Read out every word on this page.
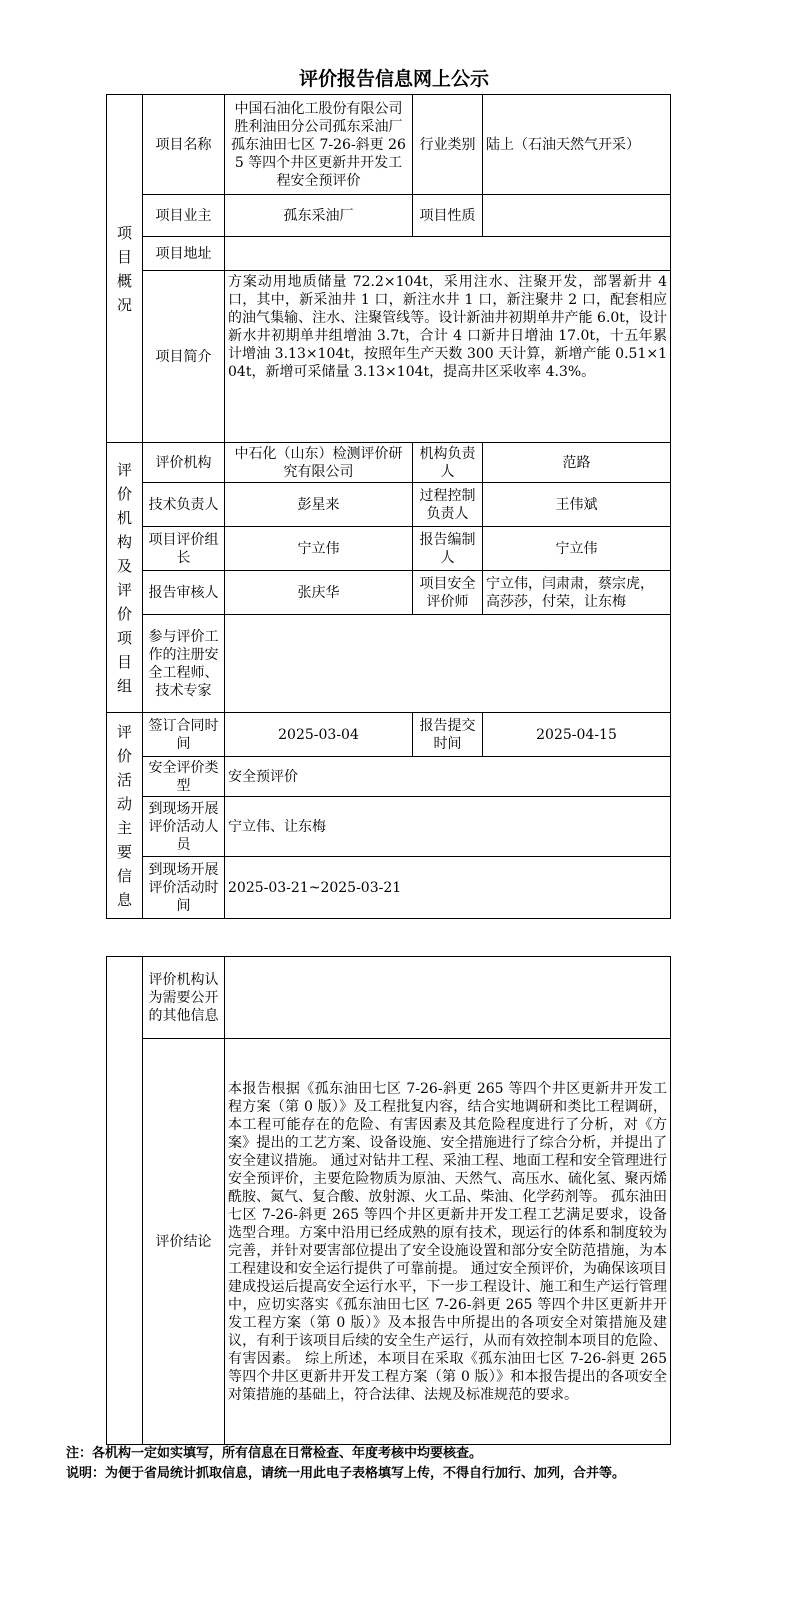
评价报告信息网上公示
项目概况	项目名称	中国石油化工股份有限公司胜利油田分公司孤东采油厂孤东油田七区 7-26-斜更 265 等四个井区更新井开发工程安全预评价	行业类别	陆上（石油天然气开采）
	项目业主	孤东采油厂	项目性质	
	项目地址			
	项目简介	方案动用地质储量 72.2×104t，采用注水、注聚开发，部署新井 4 口，其中，新采油井 1 口，新注水井 1 口，新注聚井 2 口，配套相应的油气集输、注水、注聚管线等。设计新油井初期单井产能 6.0t，设计新水井初期单井组增油 3.7t，合计 4 口新井日增油 17.0t，十五年累计增油 3.13×104t，按照年生产天数 300 天计算，新增产能 0.51×104t，新增可采储量 3.13×104t，提高井区采收率 4.3%。		
评价机构及评价项目组	评价机构	中石化（山东）检测评价研究有限公司	机构负责人	范路
	技术负责人	彭星来	过程控制负责人	王伟斌
	项目评价组长	宁立伟	报告编制人	宁立伟
	报告审核人	张庆华	项目安全评价师	宁立伟，闫肃肃，蔡宗虎，高莎莎，付荣，让东梅
	参与评价工作的注册安全工程师、技术专家			
评价活动主要信息	签订合同时间	2025-03-04	报告提交时间	2025-04-15
	安全评价类型	安全预评价		
	到现场开展评价活动人员	宁立伟、让东梅		
	到现场开展评价活动时间	2025-03-21~2025-03-21		
	评价机构认为需要公开的其他信息	
	评价结论	本报告根据《孤东油田七区 7-26-斜更 265 等四个井区更新井开发工程方案（第 0 版）》及工程批复内容，结合实地调研和类比工程调研，本工程可能存在的危险、有害因素及其危险程度进行了分析，对《方案》提出的工艺方案、设备设施、安全措施进行了综合分析，并提出了安全建议措施。 通过对钻井工程、采油工程、地面工程和安全管理进行安全预评价，主要危险物质为原油、天然气、高压水、硫化氢、聚丙烯酰胺、氮气、复合酸、放射源、火工品、柴油、化学药剂等。 孤东油田七区 7-26-斜更 265 等四个井区更新井开发工程工艺满足要求，设备选型合理。方案中沿用已经成熟的原有技术，现运行的体系和制度较为完善，并针对要害部位提出了安全设施设置和部分安全防范措施，为本工程建设和安全运行提供了可靠前提。 通过安全预评价，为确保该项目建成投运后提高安全运行水平，下一步工程设计、施工和生产运行管理中，应切实落实《孤东油田七区 7-26-斜更 265 等四个井区更新井开发工程方案（第 0 版）》及本报告中所提出的各项安全对策措施及建议，有利于该项目后续的安全生产运行，从而有效控制本项目的危险、有害因素。 综上所述，本项目在采取《孤东油田七区 7-26-斜更 265 等四个井区更新井开发工程方案（第 0 版）》和本报告提出的各项安全对策措施的基础上，符合法律、法规及标准规范的要求。
注：各机构一定如实填写，所有信息在日常检查、年度考核中均要核查。
说明：为便于省局统计抓取信息，请统一用此电子表格填写上传，不得自行加行、加列，合并等。
